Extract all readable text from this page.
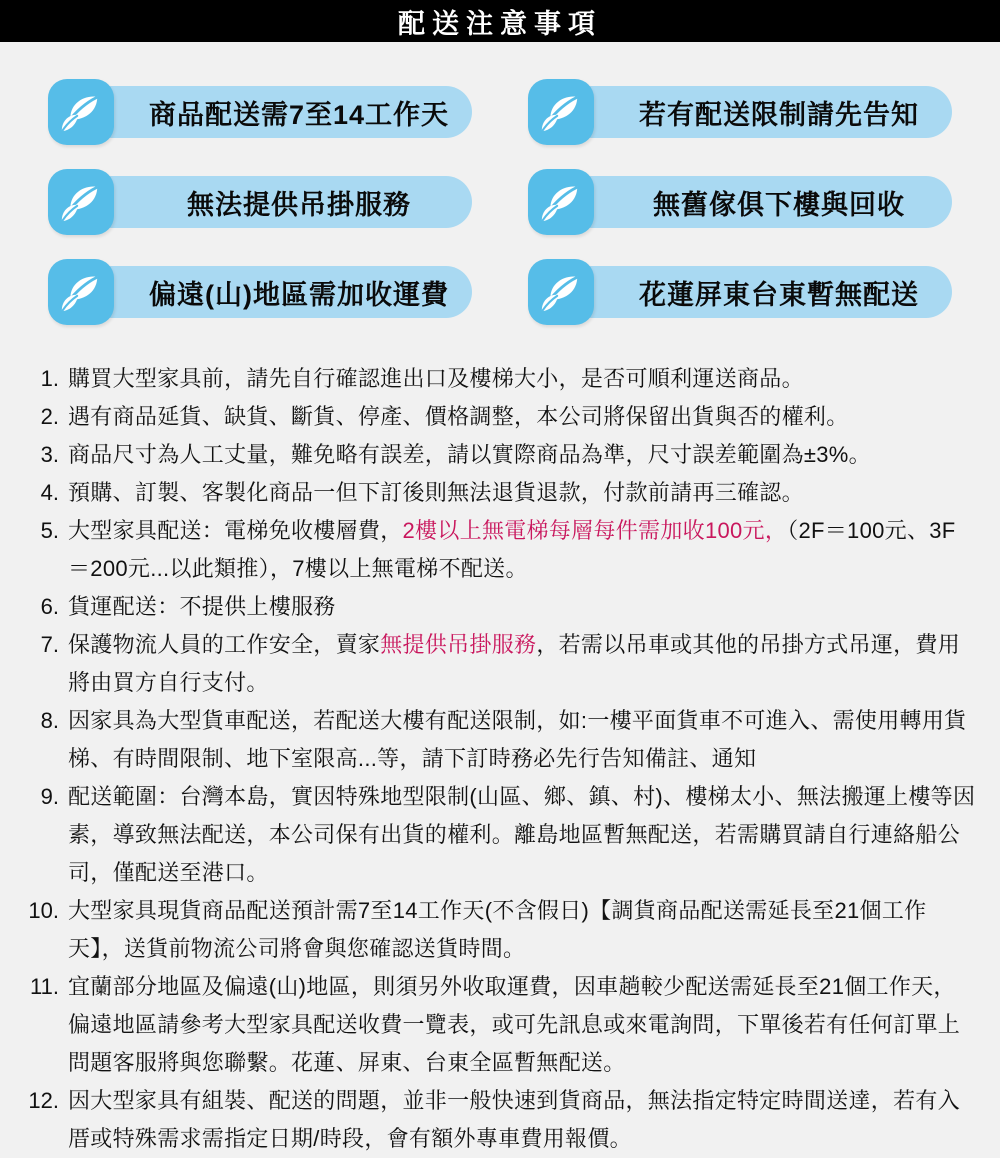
配送注意事項
商品配送需7至14工作天	若有配送限制請先告知
無法提供吊掛服務	無舊傢俱下樓與回收
偏遠(山)地區需加收運費	花蓮屏東台東暫無配送
1. 購買大型家具前，請先自行確認進出口及樓梯大小，是否可順利運送商品。
2. 遇有商品延貨、缺貨、斷貨、停產、價格調整，本公司將保留出貨與否的權利。
3. 商品尺寸為人工丈量，難免略有誤差，請以實際商品為準，尺寸誤差範圍為±3%。
4. 預購、訂製、客製化商品一但下訂後則無法退貨退款，付款前請再三確認。
5. 大型家具配送：電梯免收樓層費，2樓以上無電梯每層每件需加收100元，（2F＝100元、3F＝200元...以此類推），7樓以上無電梯不配送。
6. 貨運配送：不提供上樓服務
7. 保護物流人員的工作安全，賣家無提供吊掛服務，若需以吊車或其他的吊掛方式吊運，費用將由買方自行支付。
8. 因家具為大型貨車配送，若配送大樓有配送限制，如:一樓平面貨車不可進入、需使用轉用貨梯、有時間限制、地下室限高...等，請下訂時務必先行告知備註、通知
9. 配送範圍：台灣本島，實因特殊地型限制(山區、鄉、鎮、村)、樓梯太小、無法搬運上樓等因素，導致無法配送，本公司保有出貨的權利。離島地區暫無配送，若需購買請自行連絡船公司，僅配送至港口。
10. 大型家具現貨商品配送預計需7至14工作天(不含假日)【調貨商品配送需延長至21個工作天】，送貨前物流公司將會與您確認送貨時間。
11. 宜蘭部分地區及偏遠(山)地區，則須另外收取運費，因車趟較少配送需延長至21個工作天，偏遠地區請參考大型家具配送收費一覽表，或可先訊息或來電詢問，下單後若有任何訂單上問題客服將與您聯繫。花蓮、屏東、台東全區暫無配送。
12. 因大型家具有組裝、配送的問題，並非一般快速到貨商品，無法指定特定時間送達，若有入厝或特殊需求需指定日期/時段，會有額外專車費用報價。
